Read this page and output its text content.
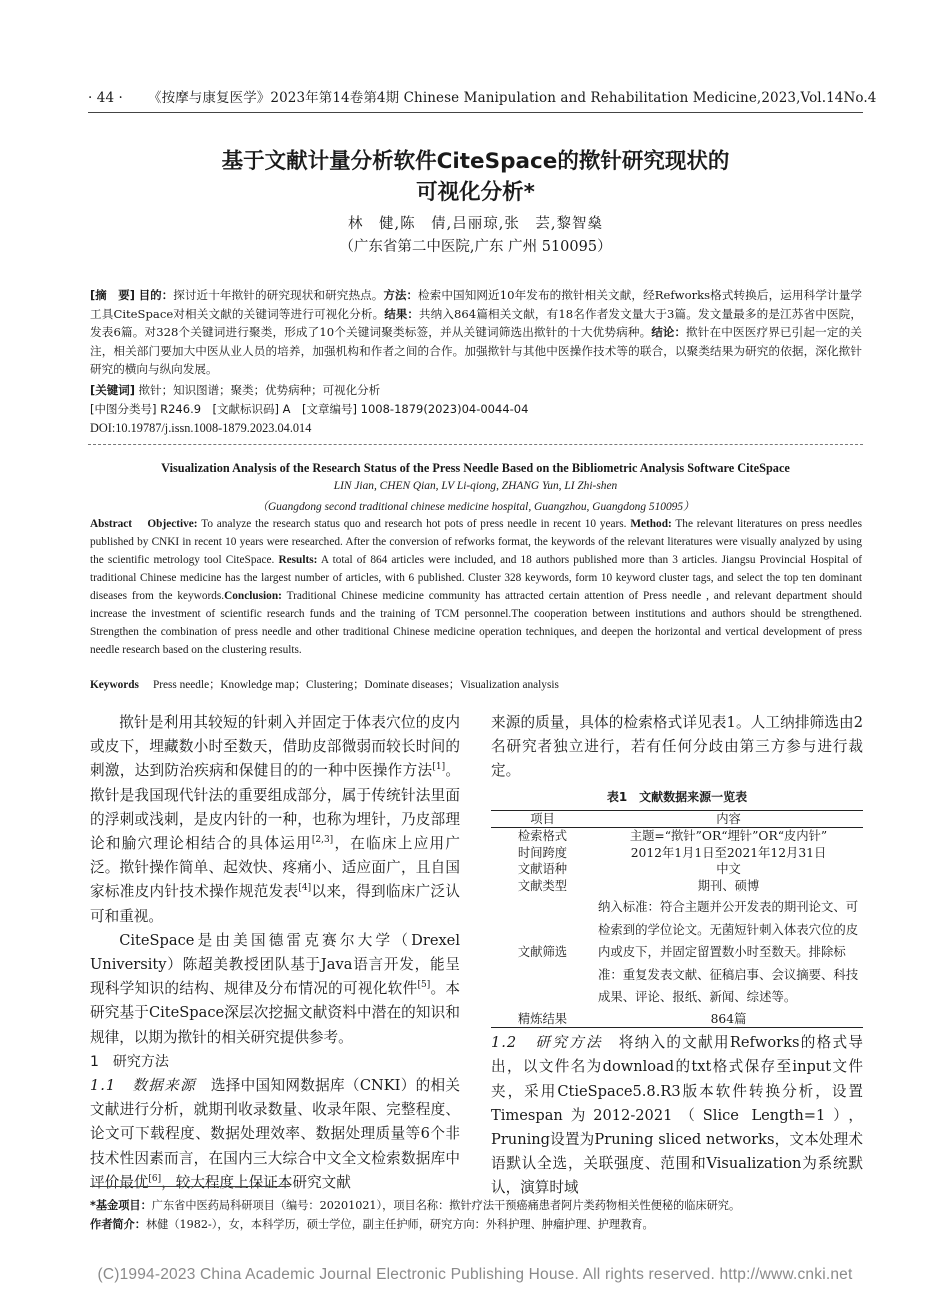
· 44 · 《按摩与康复医学》2023年第14卷第4期 Chinese Manipulation and Rehabilitation Medicine,2023,Vol.14No.4
基于文献计量分析软件CiteSpace的揿针研究现状的
可视化分析*
林　健,陈　倩,吕丽琼,张　芸,黎智燊
（广东省第二中医院,广东 广州 510095）
[摘　要] 目的：探讨近十年揿针的研究现状和研究热点。方法：检索中国知网近10年发布的揿针相关文献，经Refworks格式转换后，运用科学计量学工具CiteSpace对相关文献的关键词等进行可视化分析。结果：共纳入864篇相关文献，有18名作者发文量大于3篇。发文量最多的是江苏省中医院，发表6篇。对328个关键词进行聚类，形成了10个关键词聚类标签，并从关键词筛选出揿针的十大优势病种。结论：揿针在中医医疗界已引起一定的关注，相关部门要加大中医从业人员的培养，加强机构和作者之间的合作。加强揿针与其他中医操作技术等的联合，以聚类结果为研究的依据，深化揿针研究的横向与纵向发展。
[关键词] 揿针；知识图谱；聚类；优势病种；可视化分析
[中图分类号] R246.9　[文献标识码] A　[文章编号] 1008-1879(2023)04-0044-04
DOI:10.19787/j.issn.1008-1879.2023.04.014
Visualization Analysis of the Research Status of the Press Needle Based on the Bibliometric Analysis Software CiteSpace
LIN Jian, CHEN Qian, LV Li-qiong, ZHANG Yun, LI Zhi-shen
（Guangdong second traditional chinese medicine hospital, Guangzhou, Guangdong 510095）
Abstract Objective: To analyze the research status quo and research hot pots of press needle in recent 10 years. Method: The relevant literatures on press needles published by CNKI in recent 10 years were researched. After the conversion of refworks format, the keywords of the relevant literatures were visually analyzed by using the scientific metrology tool CiteSpace. Results: A total of 864 articles were included, and 18 authors published more than 3 articles. Jiangsu Provincial Hospital of traditional Chinese medicine has the largest number of articles, with 6 published. Cluster 328 keywords, form 10 keyword cluster tags, and select the top ten dominant diseases from the keywords.Conclusion: Traditional Chinese medicine community has attracted certain attention of Press needle , and relevant department should increase the investment of scientific research funds and the training of TCM personnel.The cooperation between institutions and authors should be strengthened. Strengthen the combination of press needle and other traditional Chinese medicine operation techniques, and deepen the horizontal and vertical development of press needle research based on the clustering results.
Keywords Press needle；Knowledge map；Clustering；Dominate diseases；Visualization analysis

揿针是利用其较短的针刺入并固定于体表穴位的皮内或皮下，埋藏数小时至数天，借助皮部微弱而较长时间的刺激，达到防治疾病和保健目的的一种中医操作方法[1]。揿针是我国现代针法的重要组成部分，属于传统针法里面的浮刺或浅刺，是皮内针的一种，也称为埋针，乃皮部理论和腧穴理论相结合的具体运用[2,3]，在临床上应用广泛。揿针操作简单、起效快、疼痛小、适应面广，且自国家标准皮内针技术操作规范发表[4]以来，得到临床广泛认可和重视。

CiteSpace是由美国德雷克赛尔大学（Drexel University）陈超美教授团队基于Java语言开发，能呈现科学知识的结构、规律及分布情况的可视化软件[5]。本研究基于CiteSpace深层次挖掘文献资料中潜在的知识和规律，以期为揿针的相关研究提供参考。

1　研究方法

1.1　数据来源　选择中国知网数据库（CNKI）的相关文献进行分析，就期刊收录数量、收录年限、完整程度、论文可下载程度、数据处理效率、数据处理质量等6个非技术性因素而言，在国内三大综合中文全文检索数据库中评价最优[6]，较大程度上保证本研究文献

来源的质量，具体的检索格式详见表1。人工纳排筛选由2名研究者独立进行，若有任何分歧由第三方参与进行裁定。

表1　文献数据来源一览表
项目	内容
检索格式	主题=“揿针”OR“埋针”OR“皮内针”
时间跨度	2012年1月1日至2021年12月31日
文献语种	中文
文献类型	期刊、硕博
文献筛选	纳入标准：符合主题并公开发表的期刊论文、可检索到的学位论文。无菌短针刺入体表穴位的皮内或皮下，并固定留置数小时至数天。排除标准：重复发表文献、征稿启事、会议摘要、科技成果、评论、报纸、新闻、综述等。
精炼结果	864篇

1.2　研究方法　将纳入的文献用Refworks的格式导出，以文件名为download的txt格式保存至input文件夹，采用CtieSpace5.8.R3版本软件转换分析，设置Timespan为2012-2021（Slice Length=1），Pruning设置为Pruning sliced networks，文本处理术语默认全选，关联强度、范围和Visualization为系统默认，演算时域

*基金项目：广东省中医药局科研项目（编号：20201021），项目名称：揿针疗法干预癌痛患者阿片类药物相关性便秘的临床研究。
作者简介：林健（1982-），女，本科学历，硕士学位，副主任护师，研究方向：外科护理、肿瘤护理、护理教育。
(C)1994-2023 China Academic Journal Electronic Publishing House. All rights reserved. http://www.cnki.net
